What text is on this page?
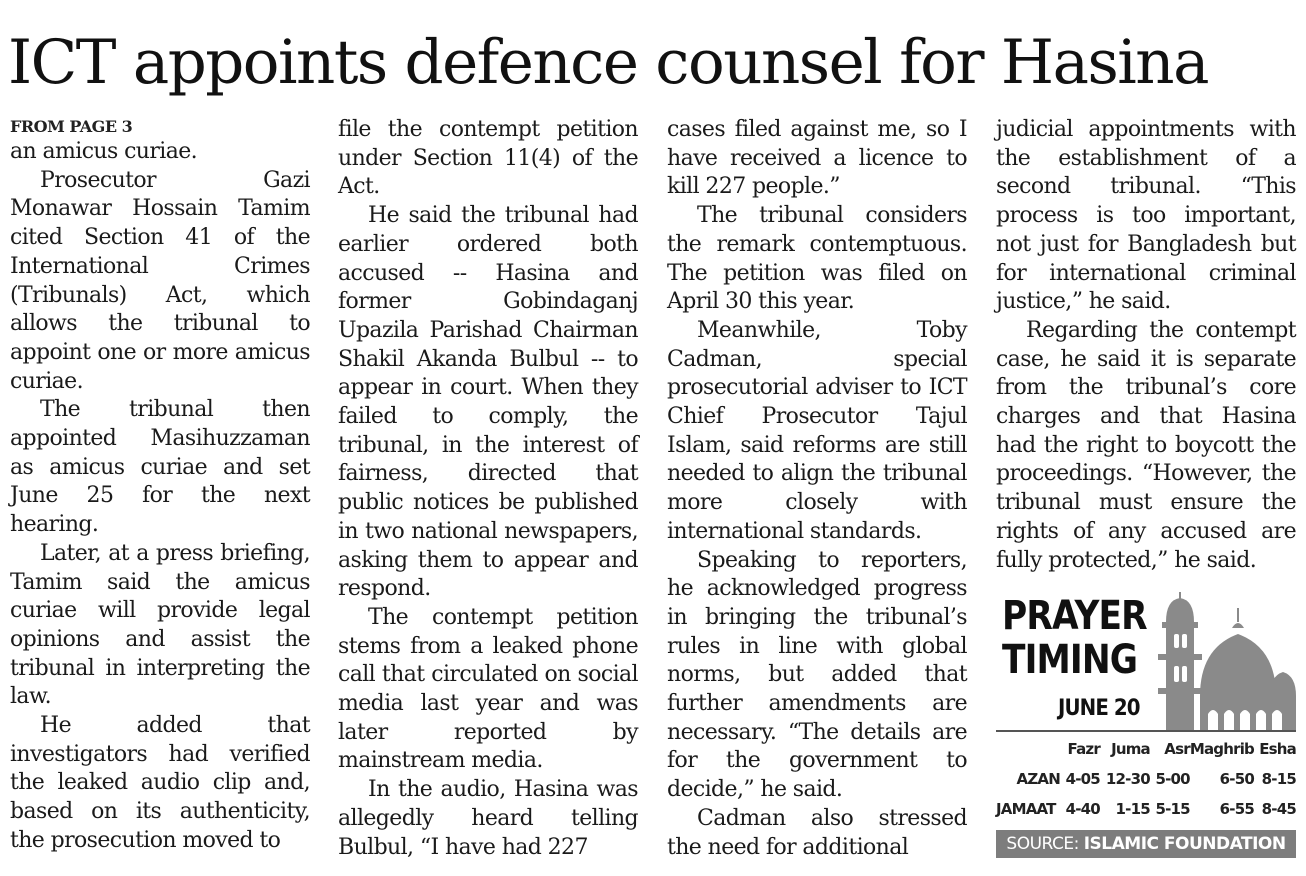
ICT appoints defence counsel for Hasina
FROM PAGE 3

an amicus curiae.

Prosecutor Gazi Monawar Hossain Tamim cited Section 41 of the International Crimes (Tribunals) Act, which allows the tribunal to appoint one or more amicus curiae.

The tribunal then appointed Masihuzzaman as amicus curiae and set June 25 for the next hearing.

Later, at a press briefing, Tamim said the amicus curiae will provide legal opinions and assist the tribunal in interpreting the law.

He added that investigators had verified the leaked audio clip and, based on its authenticity, the prosecution moved to

file the contempt petition under Section 11(4) of the Act.

He said the tribunal had earlier ordered both accused -- Hasina and former Gobindaganj Upazila Parishad Chairman Shakil Akanda Bulbul -- to appear in court. When they failed to comply, the tribunal, in the interest of fairness, directed that public notices be published in two national newspapers, asking them to appear and respond.

The contempt petition stems from a leaked phone call that circulated on social media last year and was later reported by mainstream media.

In the audio, Hasina was allegedly heard telling Bulbul, “I have had 227

cases filed against me, so I have received a licence to kill 227 people.”

The tribunal considers the remark contemptuous. The petition was filed on April 30 this year.

Meanwhile, Toby Cadman, special prosecutorial adviser to ICT Chief Prosecutor Tajul Islam, said reforms are still needed to align the tribunal more closely with international standards.

Speaking to reporters, he acknowledged progress in bringing the tribunal’s rules in line with global norms, but added that further amendments are necessary. “The details are for the government to decide,” he said.

Cadman also stressed the need for additional

judicial appointments with the establishment of a second tribunal. “This process is too important, not just for Bangladesh but for international criminal justice,” he said.

Regarding the contempt case, he said it is separate from the tribunal’s core charges and that Hasina had the right to boycott the proceedings. “However, the tribunal must ensure the rights of any accused are fully protected,” he said.

PRAYER
TIMING
JUNE 20
	Fazr	Juma	Asr	Maghrib	Esha
AZAN	4-05	12-30	5-00	6-50	8-15
JAMAAT	4-40	1-15	5-15	6-55	8-45
SOURCE: ISLAMIC FOUNDATION
